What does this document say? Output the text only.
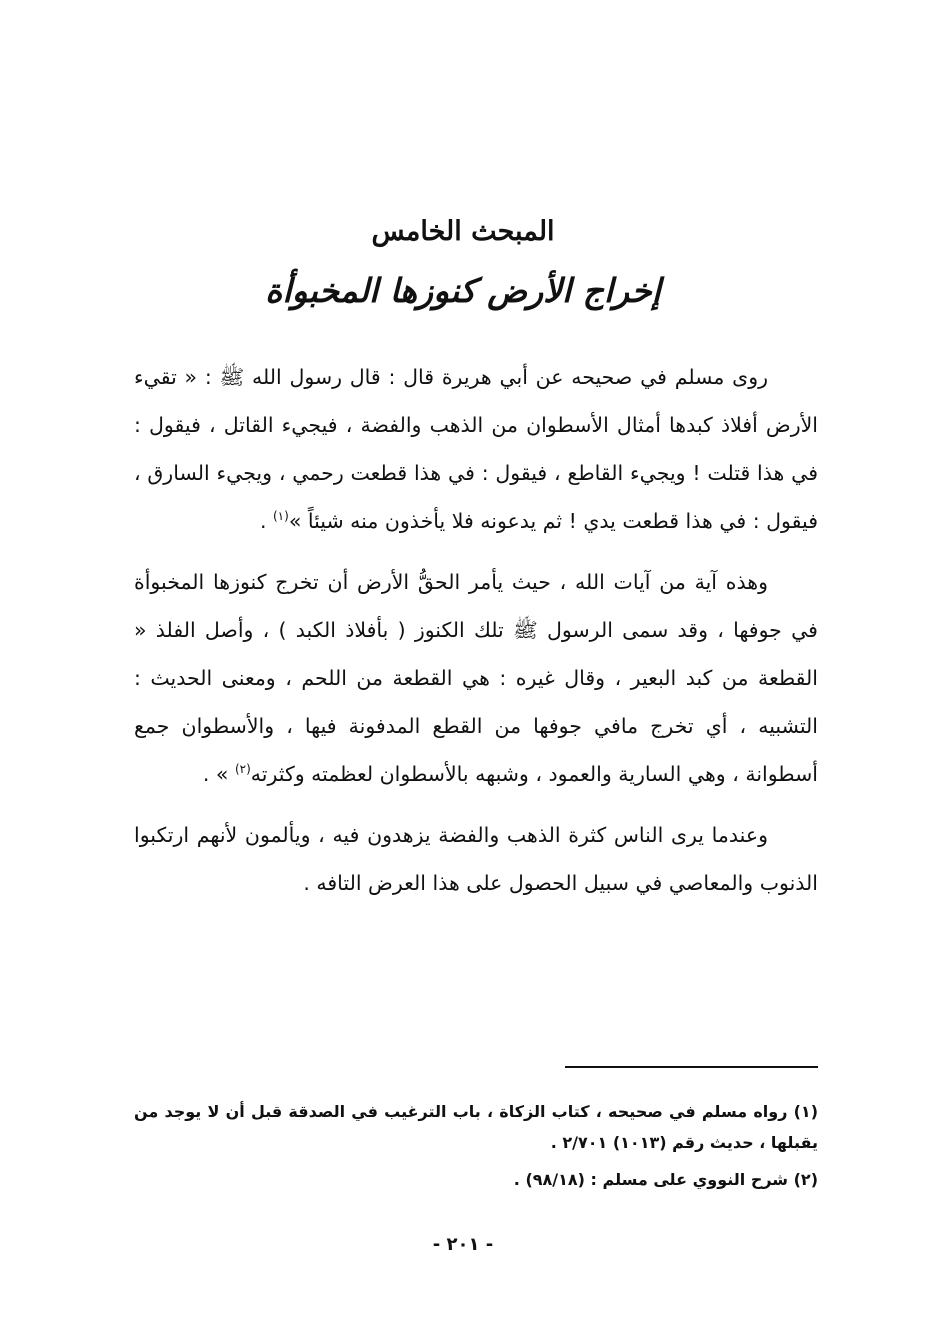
المبحث الخامس
إخراج الأرض كنوزها المخبوأة

روى مسلم في صحيحه عن أبي هريرة قال : قال رسول الله ﷺ : « تقيء الأرض أفلاذ كبدها أمثال الأسطوان من الذهب والفضة ، فيجيء القاتل ، فيقول : في هذا قتلت ! ويجيء القاطع ، فيقول : في هذا قطعت رحمي ، ويجيء السارق ، فيقول : في هذا قطعت يدي ! ثم يدعونه فلا يأخذون منه شيئاً »$^{(١)}$ .

وهذه آية من آيات الله ، حيث يأمر الحقُّ الأرض أن تخرج كنوزها المخبوأة في جوفها ، وقد سمى الرسول ﷺ تلك الكنوز ( بأفلاذ الكبد ) ، وأصل الفلذ « القطعة من كبد البعير ، وقال غيره : هي القطعة من اللحم ، ومعنى الحديث : التشبيه ، أي تخرج مافي جوفها من القطع المدفونة فيها ، والأسطوان جمع أسطوانة ، وهي السارية والعمود ، وشبهه بالأسطوان لعظمته وكثرته$^{(٢)}$ » .

وعندما يرى الناس كثرة الذهب والفضة يزهدون فيه ، ويألمون لأنهم ارتكبوا الذنوب والمعاصي في سبيل الحصول على هذا العرض التافه .

(١) رواه مسلم في صحيحه ، كتاب الزكاة ، باب الترغيب في الصدقة قبل أن لا يوجد من يقبلها ، حديث رقم (١٠١٣) ٢/٧٠١ .
(٢) شرح النووي على مسلم : (٩٨/١٨) .
- ٢٠١ -
